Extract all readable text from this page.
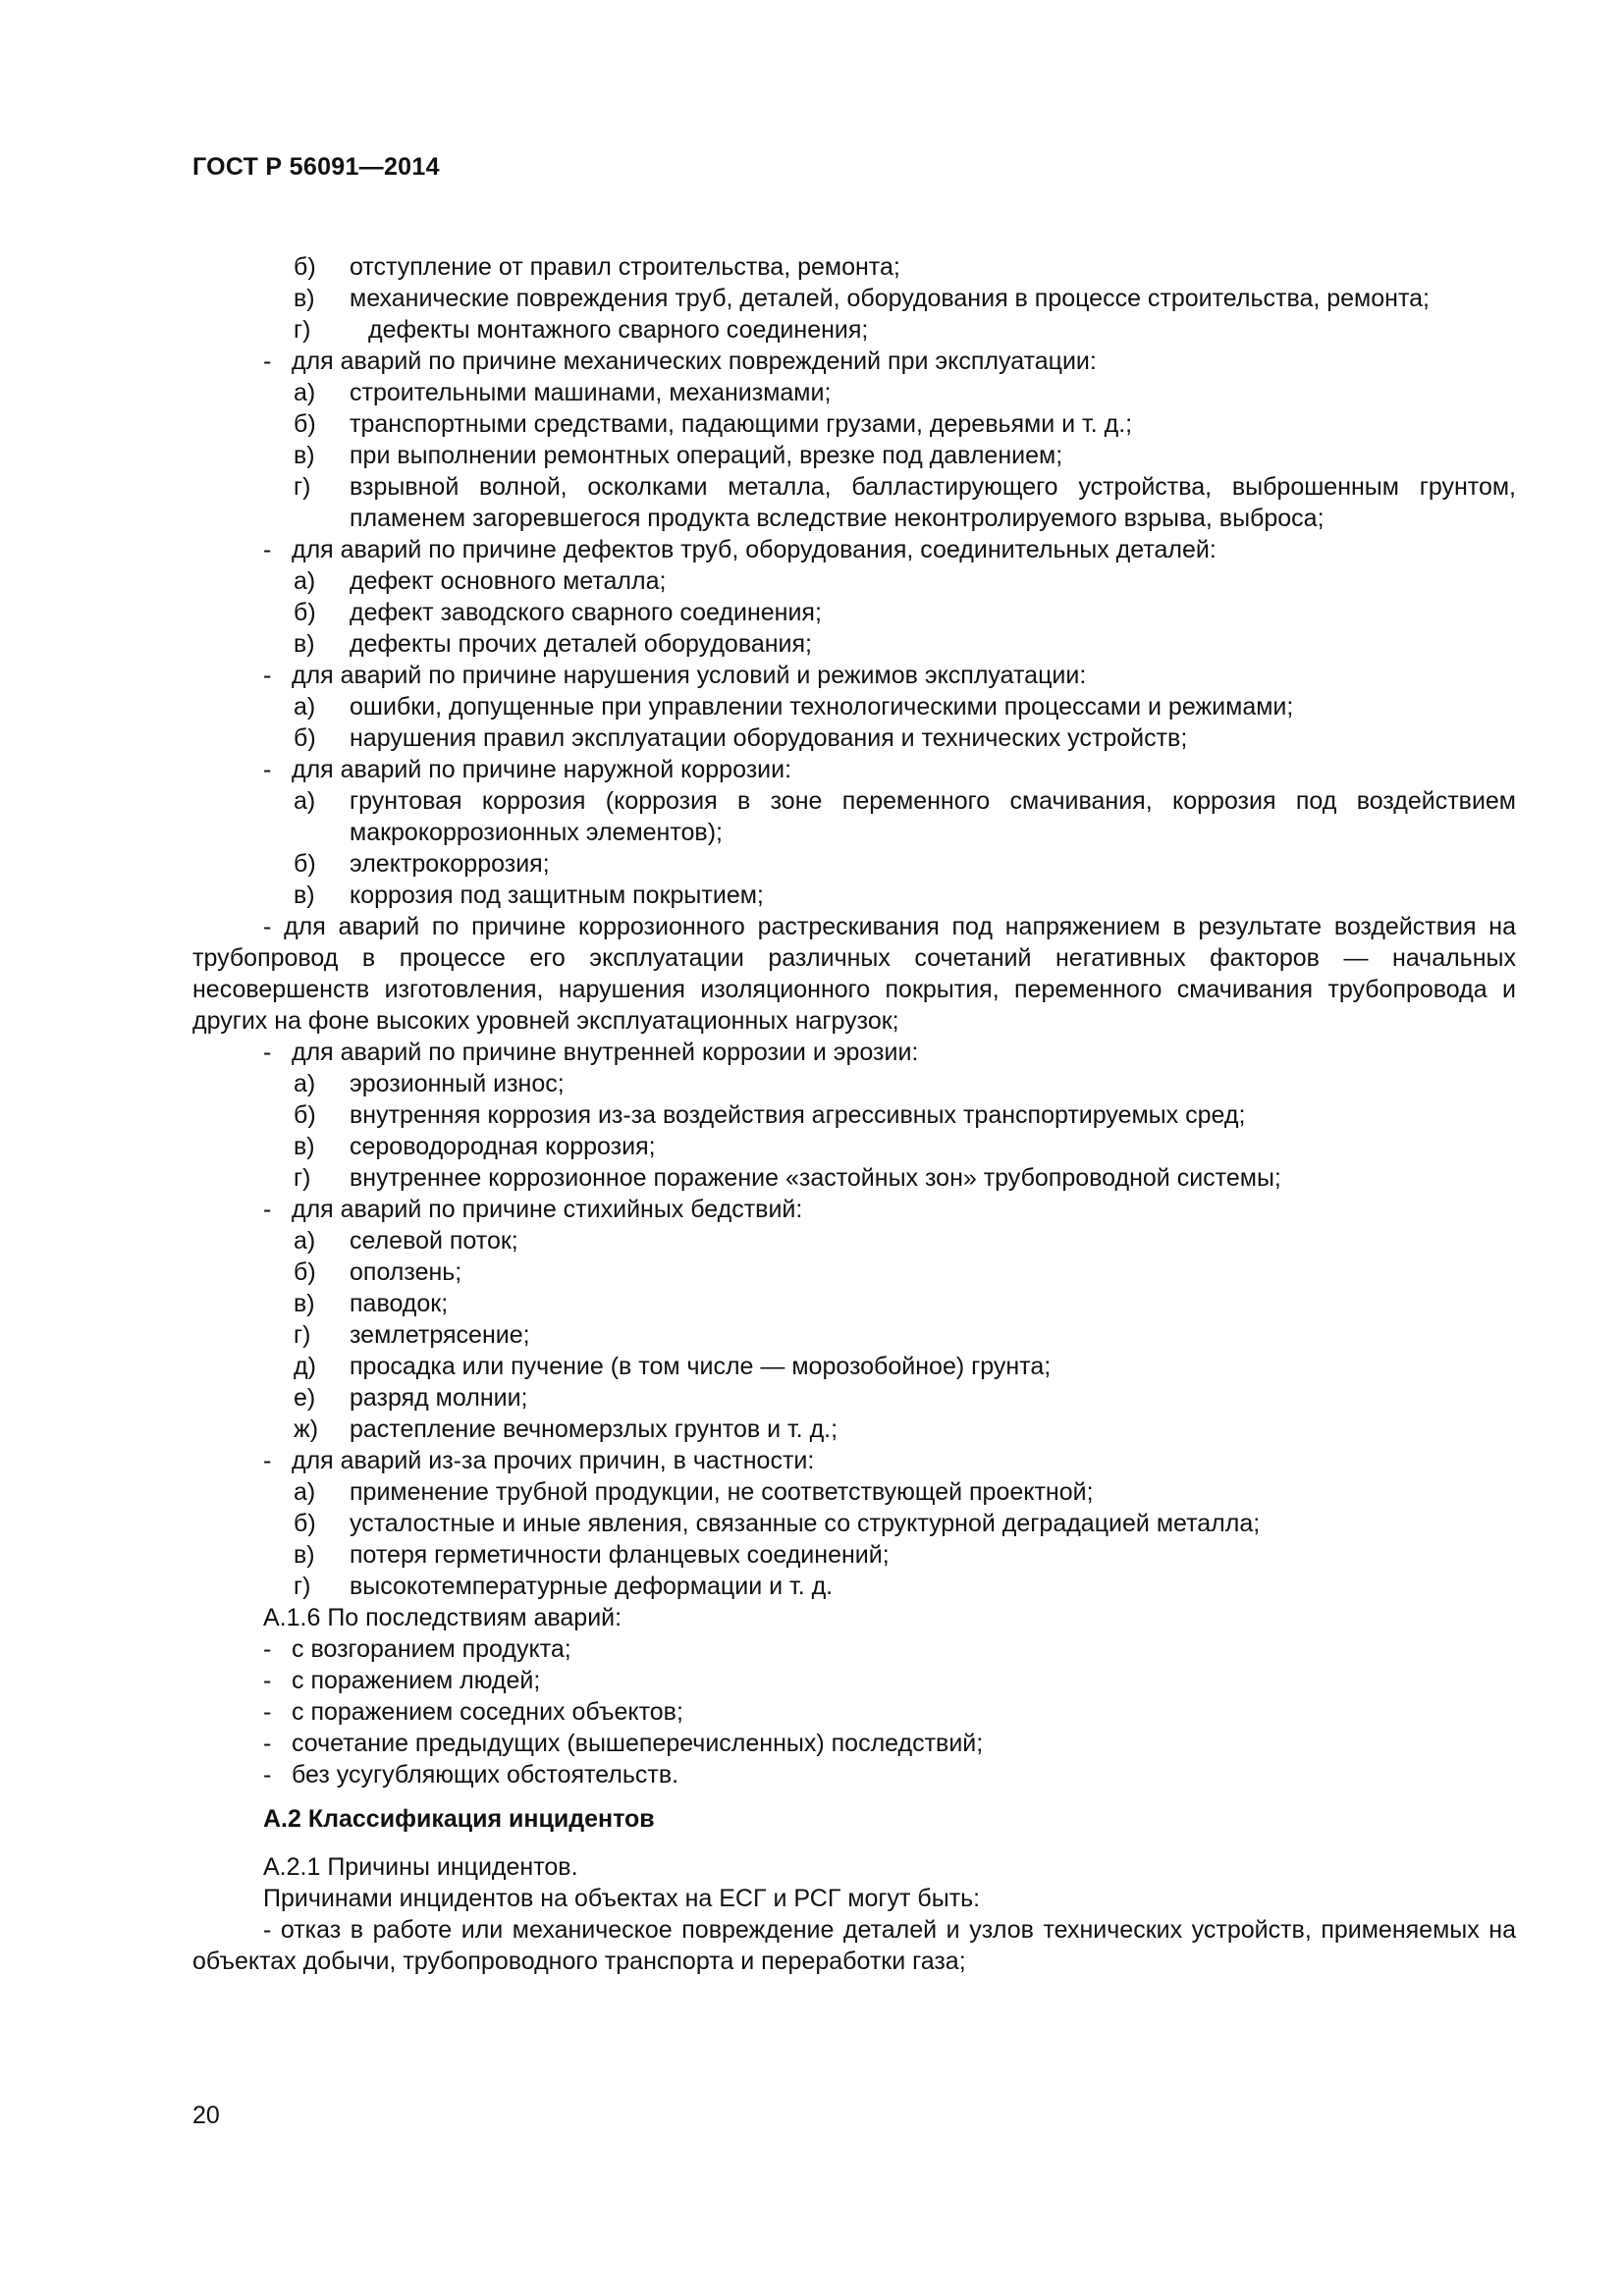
ГОСТ Р 56091—2014
б) отступление от правил строительства, ремонта;
в) механические повреждения труб, деталей, оборудования в процессе строительства, ремонта;
г) дефекты монтажного сварного соединения;
- для аварий по причине механических повреждений при эксплуатации:
а) строительными машинами, механизмами;
б) транспортными средствами, падающими грузами, деревьями и т. д.;
в) при выполнении ремонтных операций, врезке под давлением;
г) взрывной волной, осколками металла, балластирующего устройства, выброшенным грунтом, пламенем загоревшегося продукта вследствие неконтролируемого взрыва, выброса;
- для аварий по причине дефектов труб, оборудования, соединительных деталей:
а) дефект основного металла;
б) дефект заводского сварного соединения;
в) дефекты прочих деталей оборудования;
- для аварий по причине нарушения условий и режимов эксплуатации:
а) ошибки, допущенные при управлении технологическими процессами и режимами;
б) нарушения правил эксплуатации оборудования и технических устройств;
- для аварий по причине наружной коррозии:
а) грунтовая коррозия (коррозия в зоне переменного смачивания, коррозия под воздействием макрокоррозионных элементов);
б) электрокоррозия;
в) коррозия под защитным покрытием;

- для аварий по причине коррозионного растрескивания под напряжением в результате воздействия на трубопровод в процессе его эксплуатации различных сочетаний негативных факторов — начальных несовершенств изготовления, нарушения изоляционного покрытия, переменного смачивания трубопровода и других на фоне высоких уровней эксплуатационных нагрузок;

- для аварий по причине внутренней коррозии и эрозии:
а) эрозионный износ;
б) внутренняя коррозия из-за воздействия агрессивных транспортируемых сред;
в) сероводородная коррозия;
г) внутреннее коррозионное поражение «застойных зон» трубопроводной системы;
- для аварий по причине стихийных бедствий:
а) селевой поток;
б) оползень;
в) паводок;
г) землетрясение;
д) просадка или пучение (в том числе — морозобойное) грунта;
е) разряд молнии;
ж) растепление вечномерзлых грунтов и т. д.;
- для аварий из-за прочих причин, в частности:
а) применение трубной продукции, не соответствующей проектной;
б) усталостные и иные явления, связанные со структурной деградацией металла;
в) потеря герметичности фланцевых соединений;
г) высокотемпературные деформации и т. д.
А.1.6 По последствиям аварий:
- с возгоранием продукта;
- с поражением людей;
- с поражением соседних объектов;
- сочетание предыдущих (вышеперечисленных) последствий;
- без усугубляющих обстоятельств.
А.2 Классификация инцидентов
А.2.1 Причины инцидентов.
Причинами инцидентов на объектах на ЕСГ и РСГ могут быть:

- отказ в работе или механическое повреждение деталей и узлов технических устройств, применяемых на объектах добычи, трубопроводного транспорта и переработки газа;

20
